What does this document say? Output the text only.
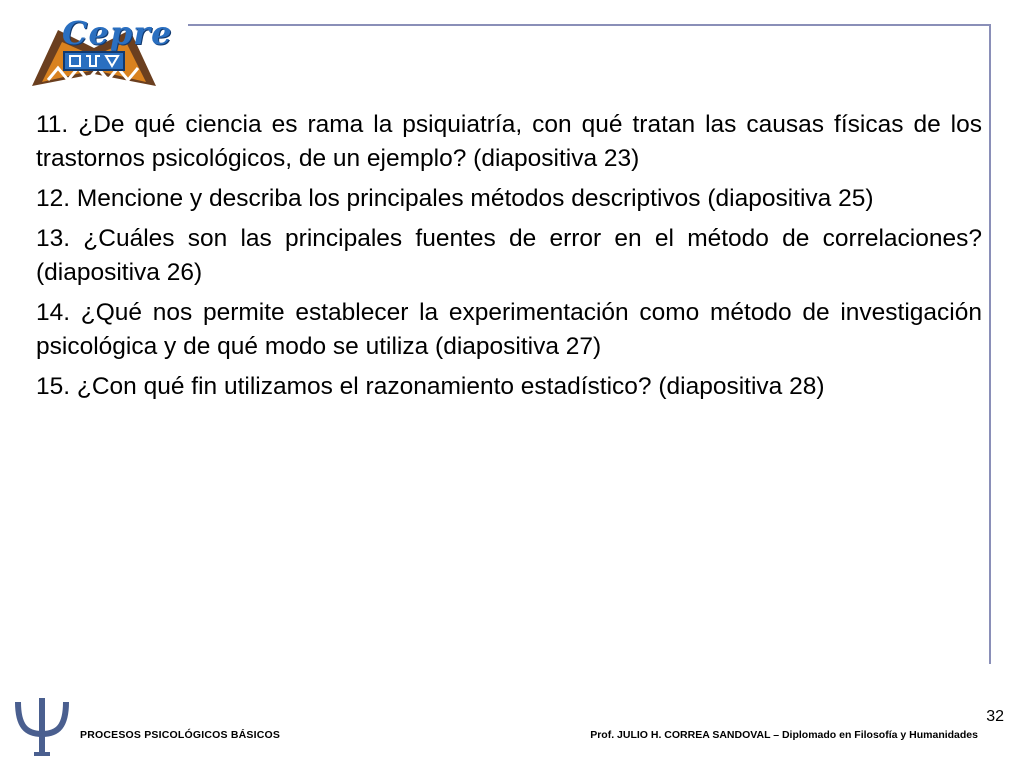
Cepre

11. ¿De qué ciencia es rama la psiquiatría, con qué tratan las causas físicas de los trastornos psicológicos, de un ejemplo? (diapositiva 23)

12. Mencione y describa los principales métodos descriptivos (diapositiva 25)

13. ¿Cuáles son las principales fuentes de error en el método de correlaciones? (diapositiva 26)

14. ¿Qué nos permite establecer la experimentación como método de investigación psicológica y de qué modo se utiliza (diapositiva 27)

15. ¿Con qué fin utilizamos el razonamiento estadístico? (diapositiva 28)

PROCESOS PSICOLÓGICOS BÁSICOS	Prof. JULIO H. CORREA SANDOVAL – Diplomado en Filosofía y Humanidades
32
